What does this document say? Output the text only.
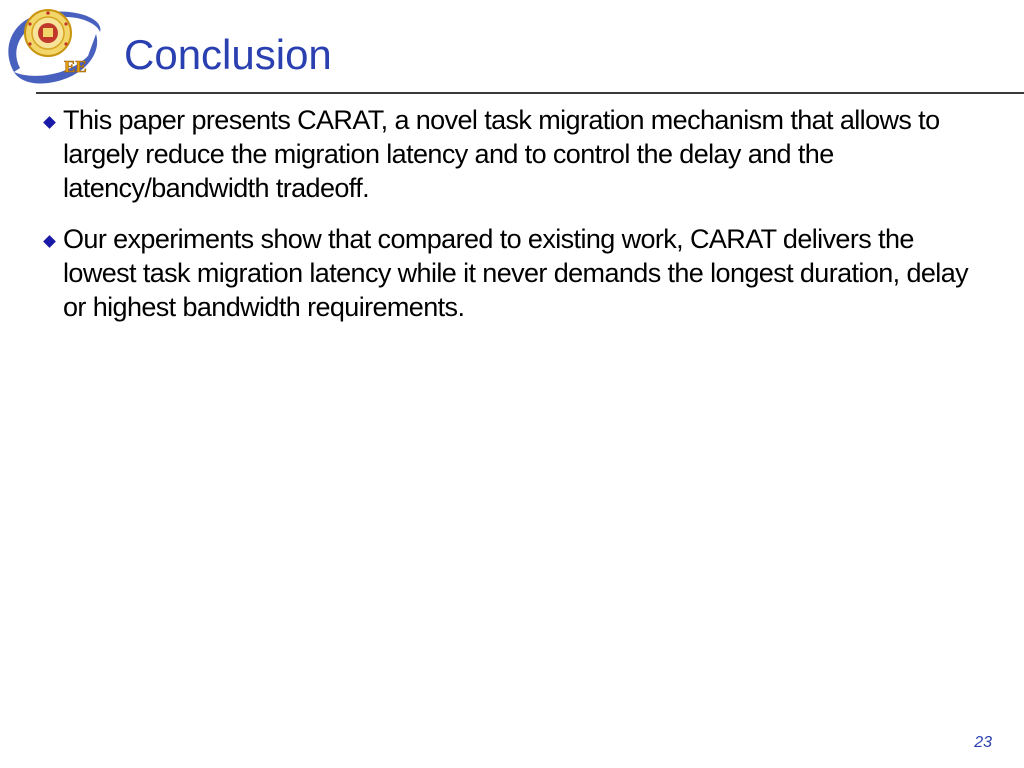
EE Conclusion
This paper presents CARAT, a novel task migration mechanism that allows to largely reduce the migration latency and to control the delay and the latency/bandwidth tradeoff.
Our experiments show that compared to existing work, CARAT delivers the lowest task migration latency while it never demands the longest duration, delay or highest bandwidth requirements.
23
